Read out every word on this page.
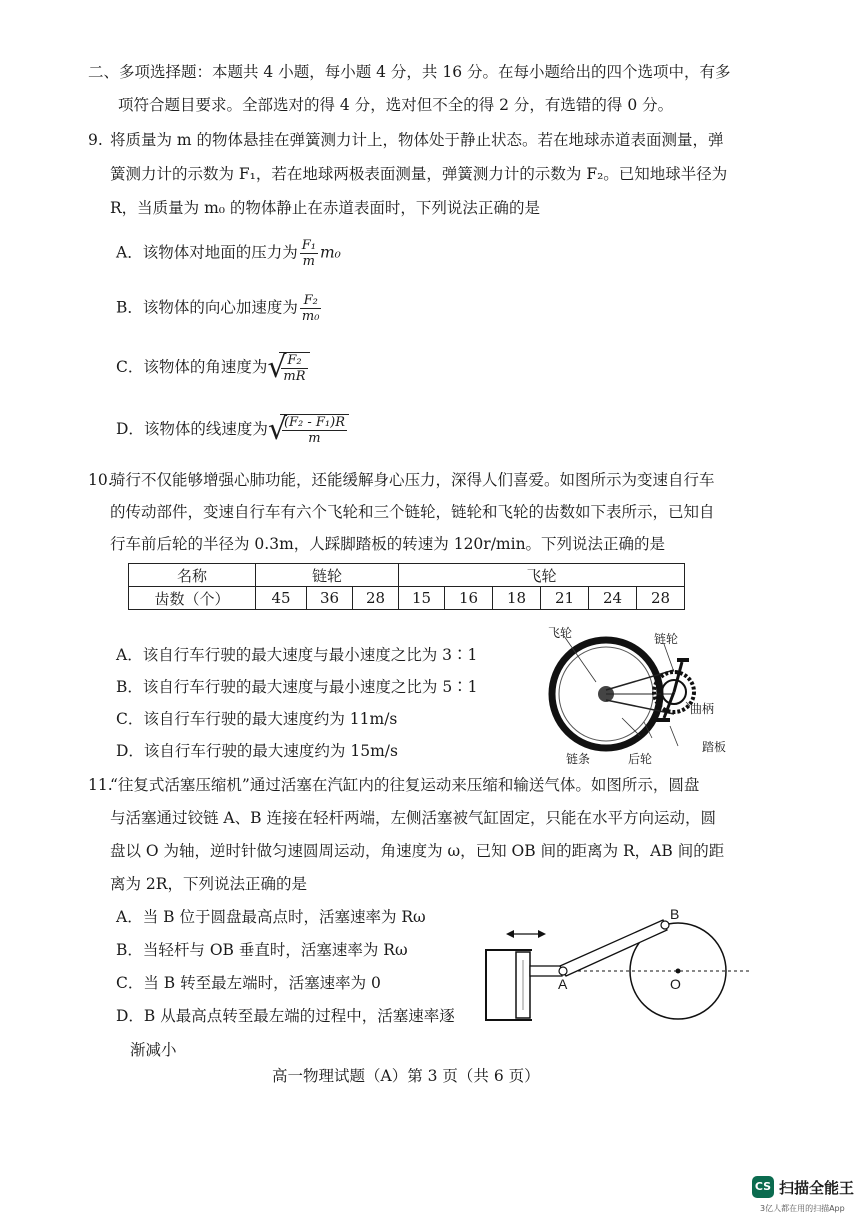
二、多项选择题：本题共 4 小题，每小题 4 分，共 16 分。在每小题给出的四个选项中，有多
项符合题目要求。全部选对的得 4 分，选对但不全的得 2 分，有选错的得 0 分。
9. 将质量为 m 的物体悬挂在弹簧测力计上，物体处于静止状态。若在地球赤道表面测量，弹
簧测力计的示数为 F₁，若在地球两极表面测量，弹簧测力计的示数为 F₂。已知地球半径为
R，当质量为 m₀ 的物体静止在赤道表面时，下列说法正确的是
A．该物体对地面的压力为 $\frac{\text{F₁}}{m} m_0$
B．该物体的向心加速度为 $\frac{\text{F₂}}{\text{m₀}}$
C．该物体的角速度为 √
$\frac{\text{F₂}}{mR}$
D．该物体的线速度为 √
$\frac{\text{(F₂ - F₁)R}}{m}$
10.
骑行不仅能够增强心肺功能，还能缓解身心压力，深得人们喜爱。如图所示为变速自行车
的传动部件，变速自行车有六个飞轮和三个链轮，链轮和飞轮的齿数如下表所示，已知自
行车前后轮的半径为 0.3m，人踩脚踏板的转速为 120r/min。下列说法正确的是
名称	链轮			飞轮					
齿数（个）	45	36	28	15	16	18	21	24	28
A．该自行车行驶的最大速度与最小速度之比为 3∶1
B．该自行车行驶的最大速度与最小速度之比为 5∶1
C．该自行车行驶的最大速度约为 11m/s
D．该自行车行驶的最大速度约为 15m/s
飞轮	链轮
曲柄
链条	后轮
踏板
11.
“往复式活塞压缩机”通过活塞在汽缸内的往复运动来压缩和输送气体。如图所示，圆盘
与活塞通过铰链 A、B 连接在轻杆两端，左侧活塞被气缸固定，只能在水平方向运动，圆
盘以 O 为轴，逆时针做匀速圆周运动，角速度为 ω，已知 OB 间的距离为 R，AB 间的距
离为 2R，下列说法正确的是
A．当 B 位于圆盘最高点时，活塞速率为 Rω
B．当轻杆与 OB 垂直时，活塞速率为 Rω
C．当 B 转至最左端时，活塞速率为 0
D．B 从最高点转至最左端的过程中，活塞速率逐
渐减小
B
A	O
高一物理试题（A）第 3 页（共 6 页）
CS 扫描全能王
3亿人都在用的扫描App
